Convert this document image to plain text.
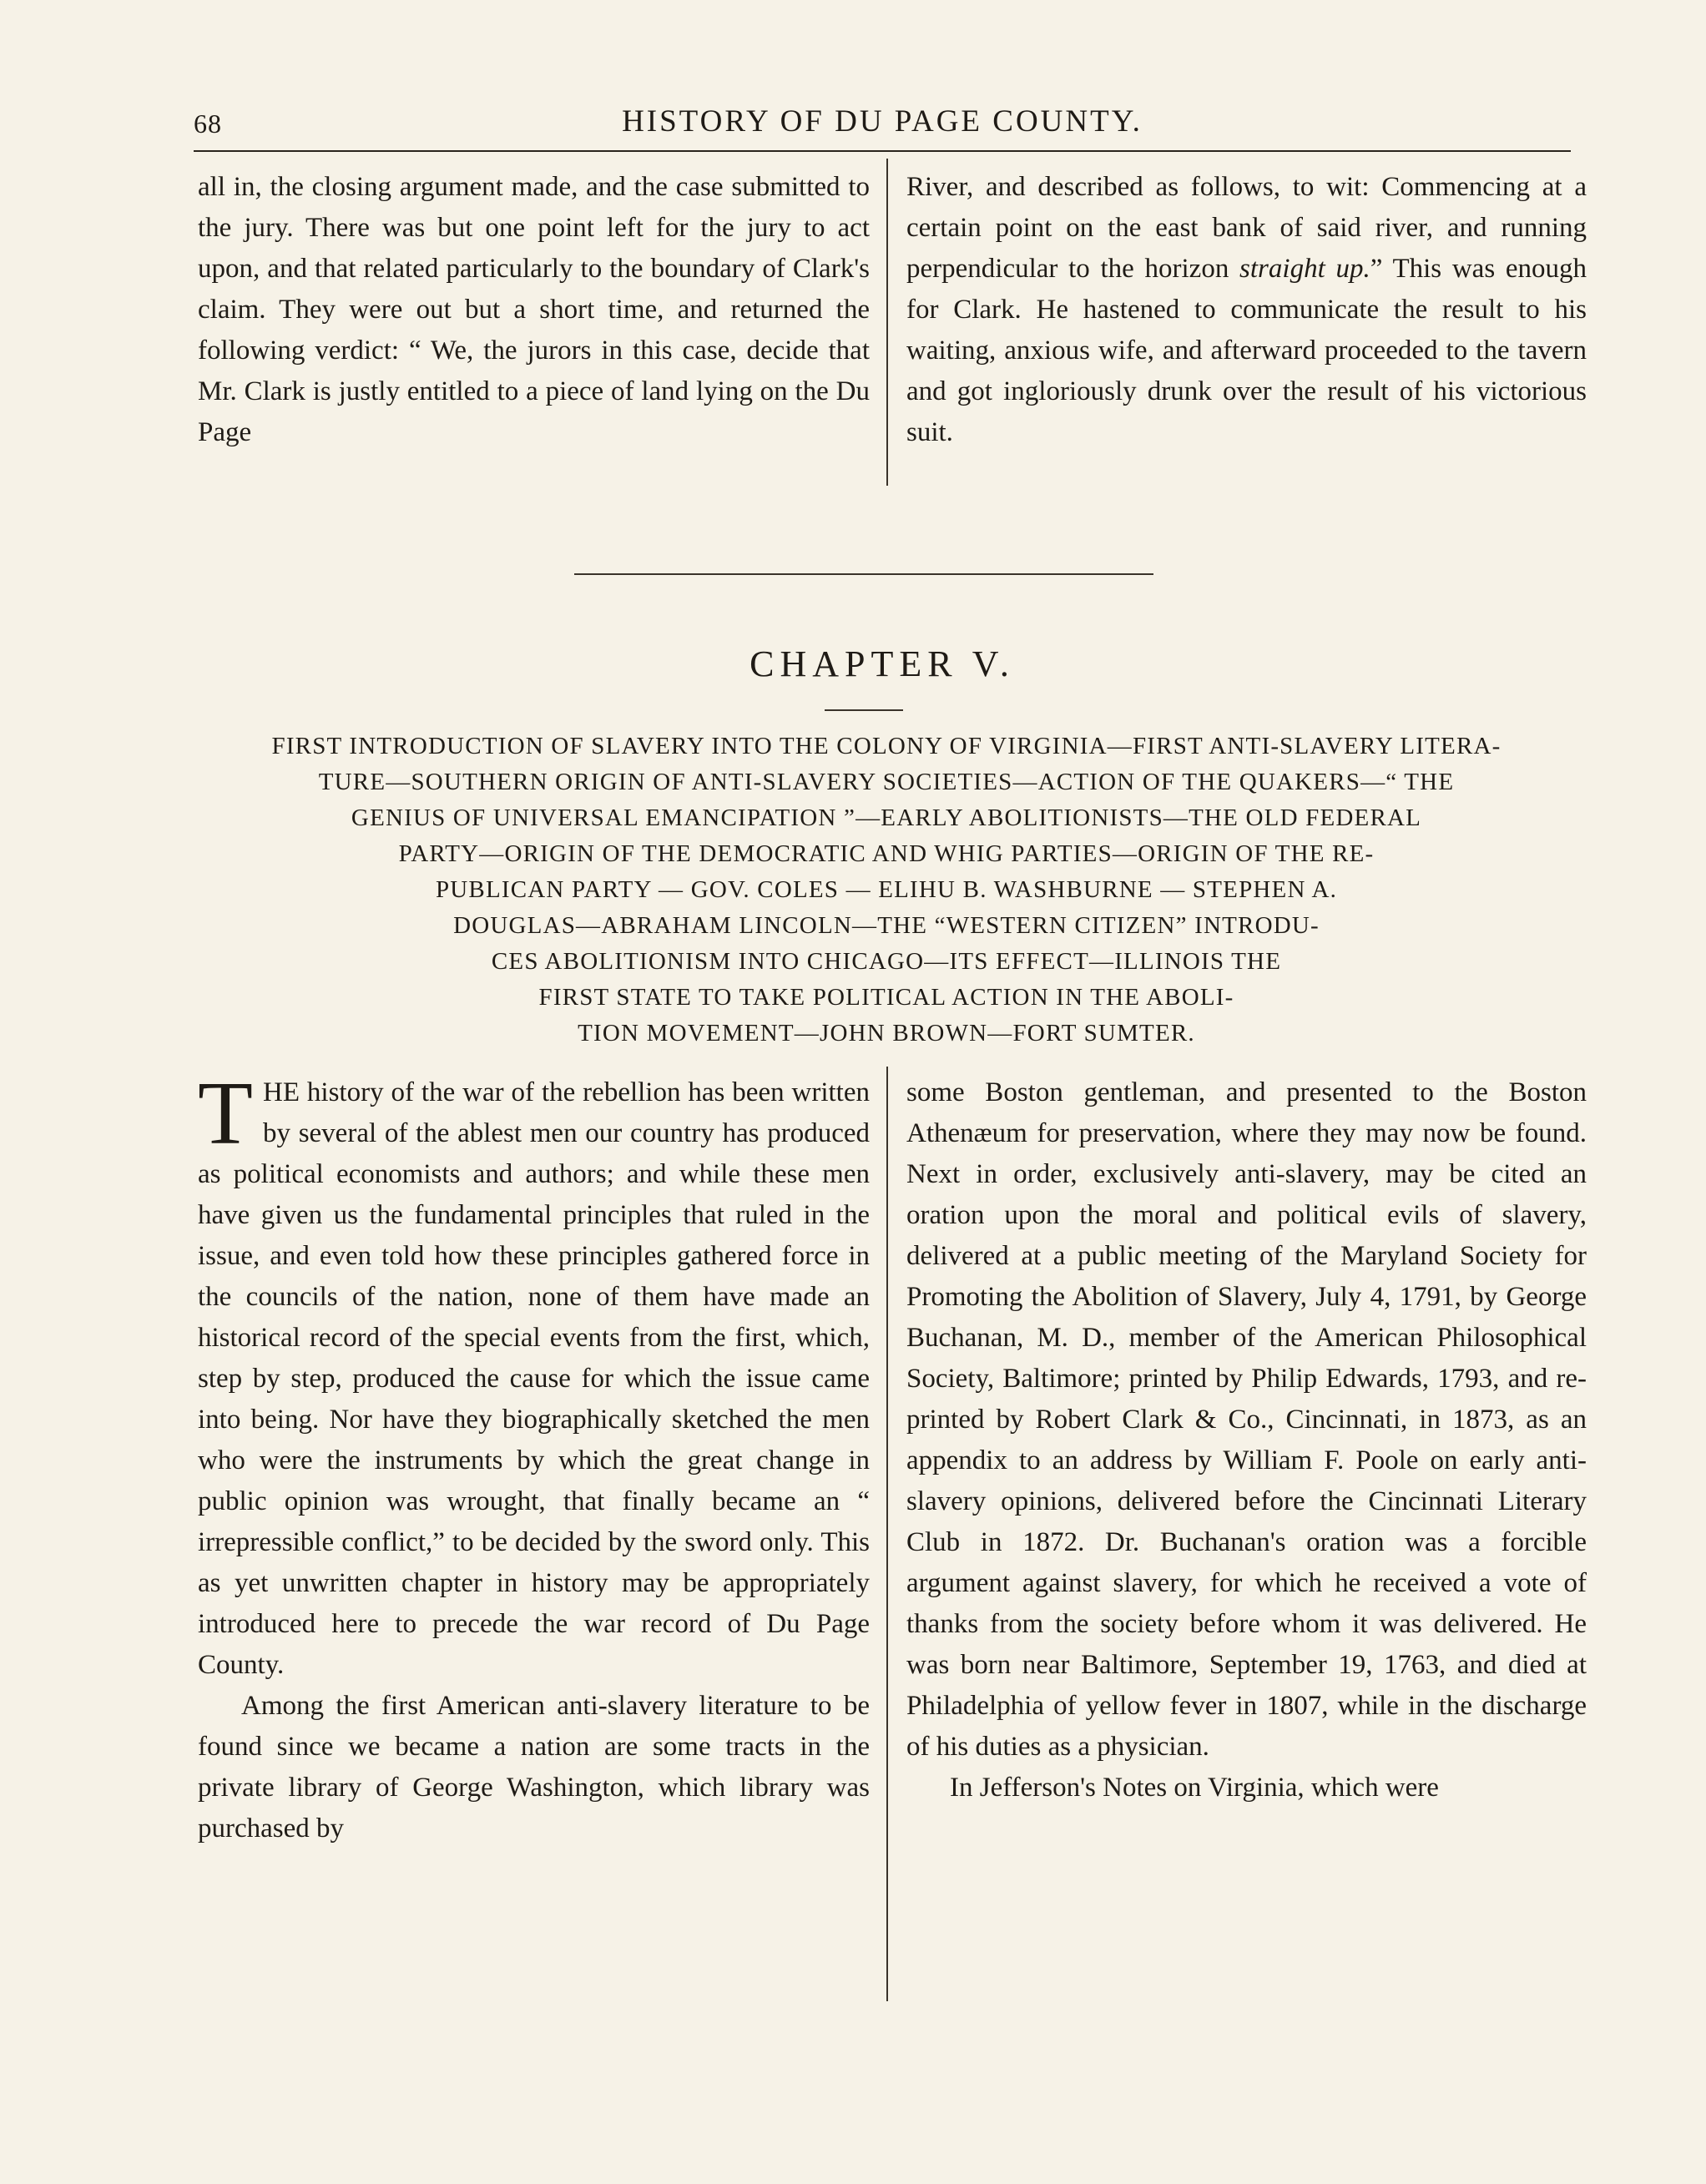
68	HISTORY OF DU PAGE COUNTY.

all in, the closing argument made, and the case submitted to the jury. There was but one point left for the jury to act upon, and that related particularly to the boundary of Clark's claim. They were out but a short time, and returned the following verdict: “ We, the jurors in this case, decide that Mr. Clark is justly entitled to a piece of land lying on the Du Page

River, and described as follows, to wit: Commencing at a certain point on the east bank of said river, and running perpendicular to the horizon straight up.” This was enough for Clark. He hastened to communicate the result to his waiting, anxious wife, and afterward proceeded to the tavern and got ingloriously drunk over the result of his victorious suit.

CHAPTER V.
FIRST INTRODUCTION OF SLAVERY INTO THE COLONY OF VIRGINIA—FIRST ANTI-SLAVERY LITERA-
TURE—SOUTHERN ORIGIN OF ANTI-SLAVERY SOCIETIES—ACTION OF THE QUAKERS—“ THE
GENIUS OF UNIVERSAL EMANCIPATION ”—EARLY ABOLITIONISTS—THE OLD FEDERAL
PARTY—ORIGIN OF THE DEMOCRATIC AND WHIG PARTIES—ORIGIN OF THE RE-
PUBLICAN PARTY — GOV. COLES — ELIHU B. WASHBURNE — STEPHEN A.
DOUGLAS—ABRAHAM LINCOLN—THE “WESTERN CITIZEN” INTRODU-
CES ABOLITIONISM INTO CHICAGO—ITS EFFECT—ILLINOIS THE
FIRST STATE TO TAKE POLITICAL ACTION IN THE ABOLI-
TION MOVEMENT—JOHN BROWN—FORT SUMTER.

THE history of the war of the rebellion has been written by several of the ablest men our country has produced as political economists and authors; and while these men have given us the fundamental principles that ruled in the issue, and even told how these principles gathered force in the councils of the nation, none of them have made an historical record of the special events from the first, which, step by step, produced the cause for which the issue came into being. Nor have they biographically sketched the men who were the instruments by which the great change in public opinion was wrought, that finally became an “ irrepressible conflict,” to be decided by the sword only. This as yet unwritten chapter in history may be appropriately introduced here to precede the war record of Du Page County.

Among the first American anti-slavery literature to be found since we became a nation are some tracts in the private library of George Washington, which library was purchased by

some Boston gentleman, and presented to the Boston Athenæum for preservation, where they may now be found. Next in order, exclusively anti-slavery, may be cited an oration upon the moral and political evils of slavery, delivered at a public meeting of the Maryland Society for Promoting the Abolition of Slavery, July 4, 1791, by George Buchanan, M. D., member of the American Philosophical Society, Baltimore; printed by Philip Edwards, 1793, and re-printed by Robert Clark & Co., Cincinnati, in 1873, as an appendix to an address by William F. Poole on early anti-slavery opinions, delivered before the Cincinnati Literary Club in 1872. Dr. Buchanan's oration was a forcible argument against slavery, for which he received a vote of thanks from the society before whom it was delivered. He was born near Baltimore, September 19, 1763, and died at Philadelphia of yellow fever in 1807, while in the discharge of his duties as a physician.

In Jefferson's Notes on Virginia, which were
